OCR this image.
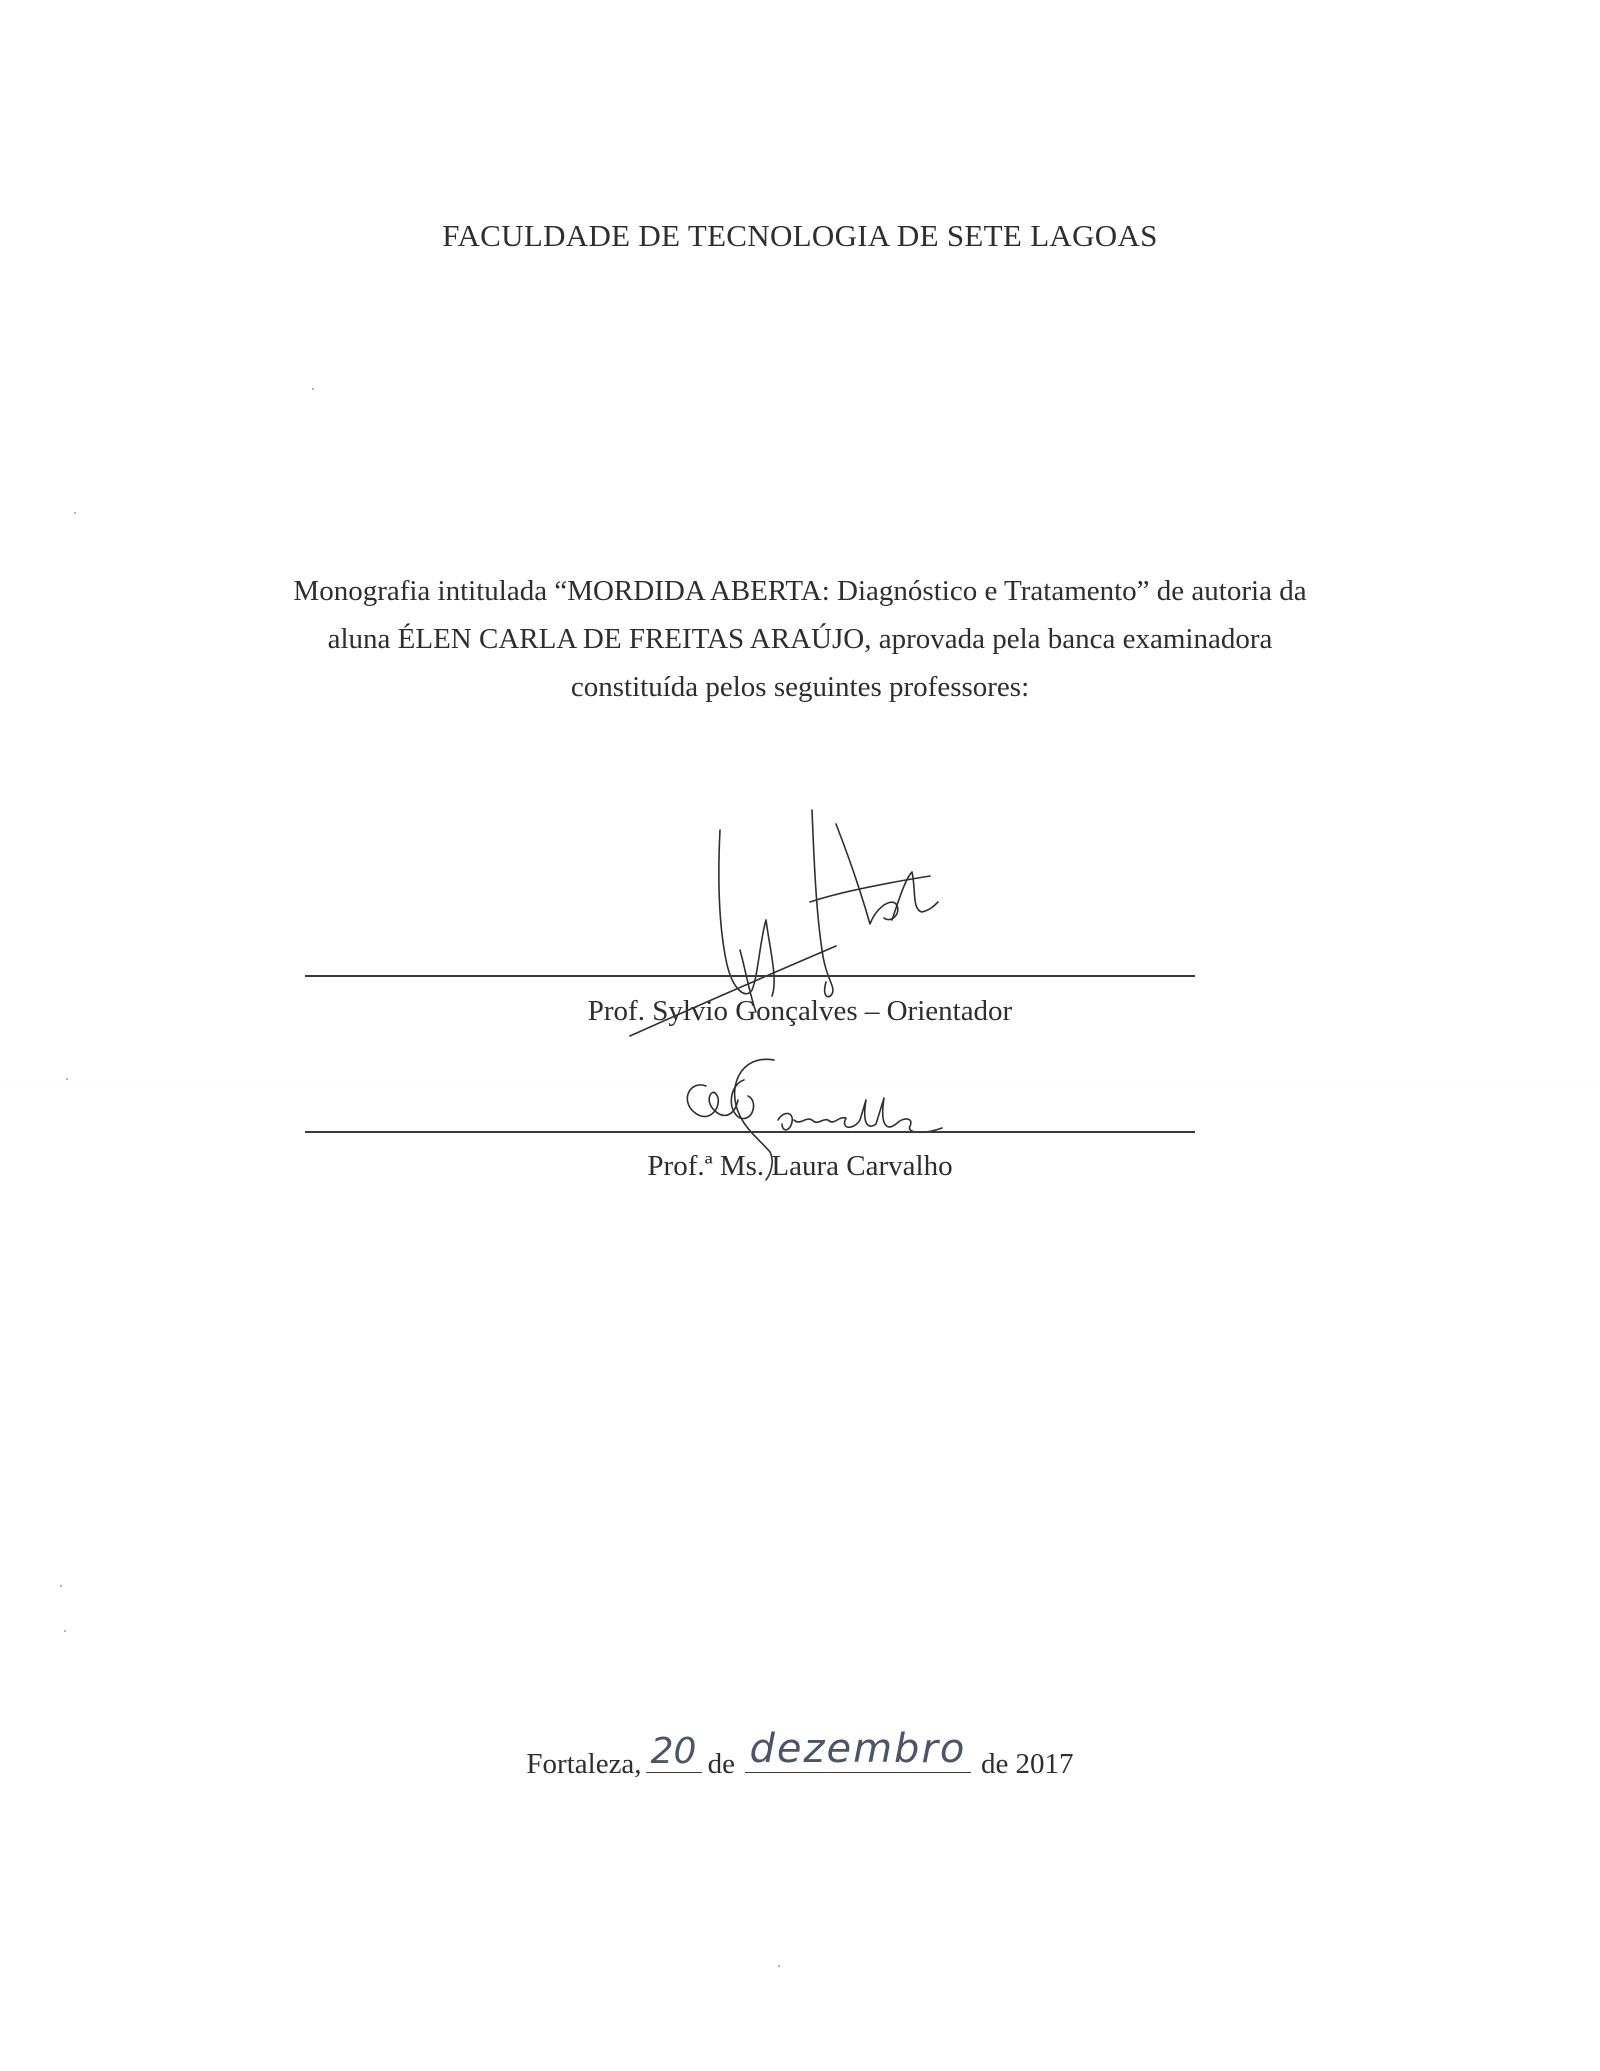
FACULDADE DE TECNOLOGIA DE SETE LAGOAS
Monografia intitulada “MORDIDA ABERTA: Diagnóstico e Tratamento” de autoria da
aluna ÉLEN CARLA DE FREITAS ARAÚJO, aprovada pela banca examinadora
constituída pelos seguintes professores:
Prof. Sylvio Gonçalves – Orientador
Prof.ª Ms. Laura Carvalho
Fortaleza, 20 de dezembro de 2017
